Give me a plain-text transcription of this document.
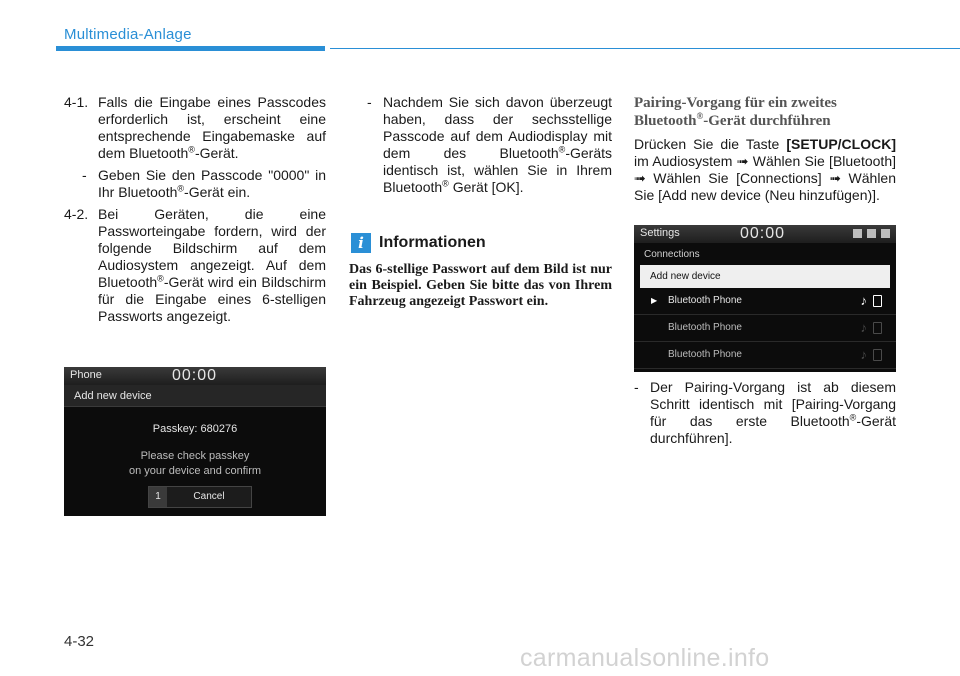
Multimedia-Anlage
4-1. Falls die Eingabe eines Passcodes erforderlich ist, erscheint eine entsprechende Eingabemaske auf dem Bluetooth®-Gerät.
- Geben Sie den Passcode "0000" in Ihr Bluetooth®-Gerät ein.
4-2. Bei Geräten, die eine Passworteingabe fordern, wird der folgende Bildschirm auf dem Audiosystem angezeigt. Auf dem Bluetooth®-Gerät wird ein Bildschirm für die Eingabe eines 6-stelligen Passworts angezeigt.
Phone	00:00
Add new device
Passkey: 680276
Please check passkey
on your device and confirm
1	Cancel
- Nachdem Sie sich davon überzeugt haben, dass der sechsstellige Passcode auf dem Audiodisplay mit dem des Bluetooth®-Geräts identisch ist, wählen Sie in Ihrem Bluetooth® Gerät [OK].
i Informationen
Das 6-stellige Passwort auf dem Bild ist nur ein Beispiel. Geben Sie bitte das von Ihrem Fahrzeug angezeigt Passwort ein.
Pairing-Vorgang für ein zweites Bluetooth®-Gerät durchführen

Drücken Sie die Taste [SETUP/CLOCK] im Audiosystem ➟ Wählen Sie [Bluetooth] ➟ Wählen Sie [Connections] ➟ Wählen Sie [Add new device (Neu hinzufügen)].

Settings	00:00
Connections
Add new device
▶ Bluetooth Phone	♪
Bluetooth Phone	♪
Bluetooth Phone	♪
- Der Pairing-Vorgang ist ab diesem Schritt identisch mit [Pairing-Vorgang für das erste Bluetooth®-Gerät durchführen].
4-32
carmanualsonline.info
